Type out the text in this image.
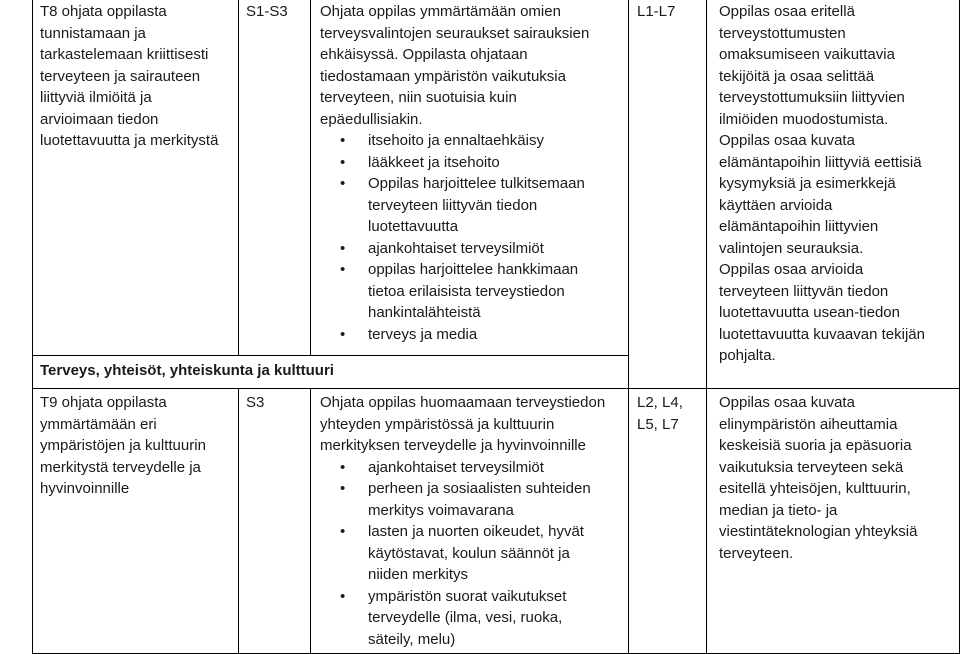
T8 ohjata oppilasta
tunnistamaan ja
tarkastelemaan kriittisesti
terveyteen ja sairauteen
liittyviä ilmiöitä ja
arvioimaan tiedon
luotettavuutta ja merkitystä

S1-S3 Ohjata oppilas ymmärtämään omien
terveysvalintojen seuraukset sairauksien
ehkäisyssä. Oppilasta ohjataan
tiedostamaan ympäristön vaikutuksia
terveyteen, niin suotuisia kuin
epäedullisiakin.
• itsehoito ja ennaltaehkäisy
• lääkkeet ja itsehoito
• Oppilas harjoittelee tulkitsemaan
terveyteen liittyvän tiedon
luotettavuutta
• ajankohtaiset terveysilmiöt
• oppilas harjoittelee hankkimaan
tietoa erilaisista terveystiedon
hankintalähteistä
• terveys ja media

L1-L7	Oppilas osaa eritellä
terveystottumusten
omaksumiseen vaikuttavia
tekijöitä ja osaa selittää
terveystottumuksiin liittyvien
ilmiöiden muodostumista.
Oppilas osaa kuvata
elämäntapoihin liittyviä eettisiä
kysymyksiä ja esimerkkejä
käyttäen arvioida
elämäntapoihin liittyvien
valintojen seurauksia.
Oppilas osaa arvioida
terveyteen liittyvän tiedon
luotettavuutta usean-tiedon
luotettavuutta kuvaavan tekijän
pohjalta.
Terveys, yhteisöt, yhteiskunta ja kulttuuri
T9 ohjata oppilasta
ymmärtämään eri
ympäristöjen ja kulttuurin
merkitystä terveydelle ja
hyvinvoinnille

S3	Ohjata oppilas huomaamaan terveystiedon
yhteyden ympäristössä ja kulttuurin
merkityksen terveydelle ja hyvinvoinnille
• ajankohtaiset terveysilmiöt
• perheen ja sosiaalisten suhteiden
merkitys voimavarana
• lasten ja nuorten oikeudet, hyvät
käytöstavat, koulun säännöt ja
niiden merkitys
• ympäristön suorat vaikutukset
terveydelle (ilma, vesi, ruoka,
säteily, melu)
L2, L4,
L5, L7
Oppilas osaa kuvata
elinympäristön aiheuttamia
keskeisiä suoria ja epäsuoria
vaikutuksia terveyteen sekä
esitellä yhteisöjen, kulttuurin,
median ja tieto- ja
viestintäteknologian yhteyksiä
terveyteen.
